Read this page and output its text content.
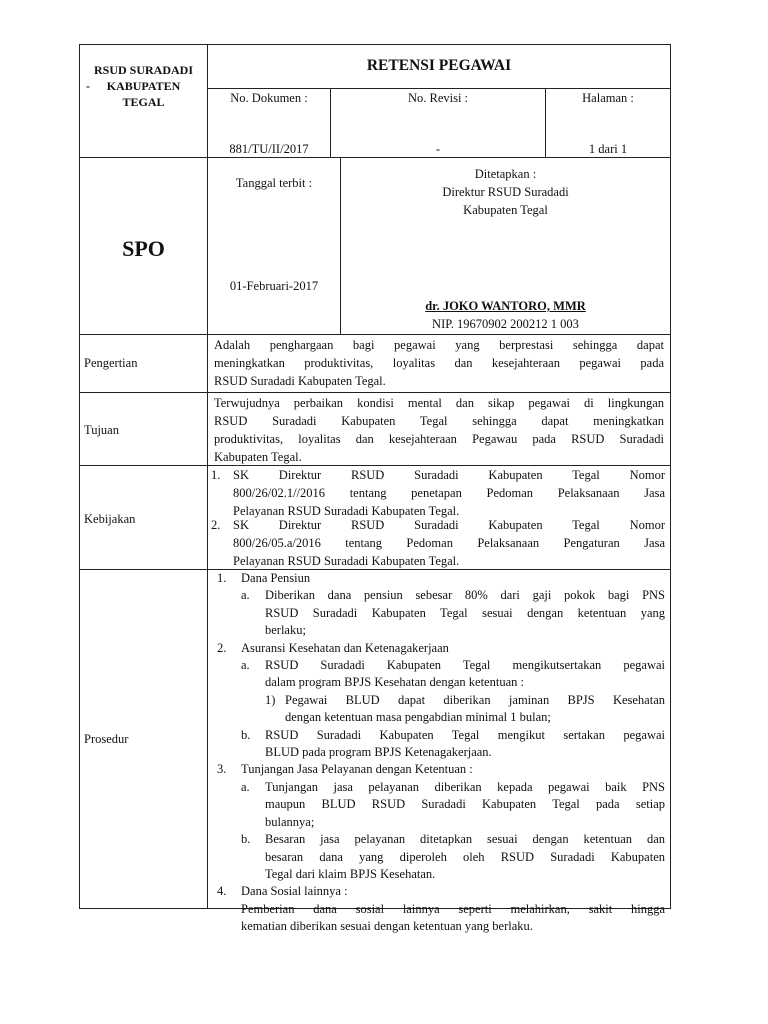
RSUD SURADADI
- KABUPATEN
TEGAL
RETENSI PEGAWAI
No. Dokumen :
881/TU/II/2017
No. Revisi :
-
Halaman :
1 dari 1
SPO
Tanggal terbit :
01-Februari-2017
Ditetapkan :
Direktur RSUD Suradadi
Kabupaten Tegal
dr. JOKO WANTORO, MMR
NIP. 19670902 200212 1 003
Pengertian
Adalah penghargaan bagi pegawai yang berprestasi sehingga dapat
meningkatkan produktivitas, loyalitas dan kesejahteraan pegawai pada
RSUD Suradadi Kabupaten Tegal.
Tujuan
Terwujudnya perbaikan kondisi mental dan sikap pegawai di lingkungan
RSUD Suradadi Kabupaten Tegal sehingga dapat meningkatkan
produktivitas, loyalitas dan kesejahteraan Pegawau pada RSUD Suradadi
Kabupaten Tegal.
Kebijakan
1. SK Direktur RSUD Suradadi Kabupaten Tegal Nomor
800/26/02.1//2016 tentang penetapan Pedoman Pelaksanaan Jasa
Pelayanan RSUD Suradadi Kabupaten Tegal.
2. SK Direktur RSUD Suradadi Kabupaten Tegal Nomor
800/26/05.a/2016 tentang Pedoman Pelaksanaan Pengaturan Jasa
Pelayanan RSUD Suradadi Kabupaten Tegal.
Prosedur
1. Dana Pensiun
a. Diberikan dana pensiun sebesar 80% dari gaji pokok bagi PNS
RSUD Suradadi Kabupaten Tegal sesuai dengan ketentuan yang
berlaku;
2. Asuransi Kesehatan dan Ketenagakerjaan
a. RSUD Suradadi Kabupaten Tegal mengikutsertakan pegawai
dalam program BPJS Kesehatan dengan ketentuan :
1) Pegawai BLUD dapat diberikan jaminan BPJS Kesehatan
dengan ketentuan masa pengabdian minimal 1 bulan;
b. RSUD Suradadi Kabupaten Tegal mengikut sertakan pegawai
BLUD pada program BPJS Ketenagakerjaan.
3. Tunjangan Jasa Pelayanan dengan Ketentuan :
a. Tunjangan jasa pelayanan diberikan kepada pegawai baik PNS
maupun BLUD RSUD Suradadi Kabupaten Tegal pada setiap
bulannya;
b. Besaran jasa pelayanan ditetapkan sesuai dengan ketentuan dan
besaran dana yang diperoleh oleh RSUD Suradadi Kabupaten
Tegal dari klaim BPJS Kesehatan.
4. Dana Sosial lainnya :
Pemberian dana sosial lainnya seperti melahirkan, sakit hingga
kematian diberikan sesuai dengan ketentuan yang berlaku.
